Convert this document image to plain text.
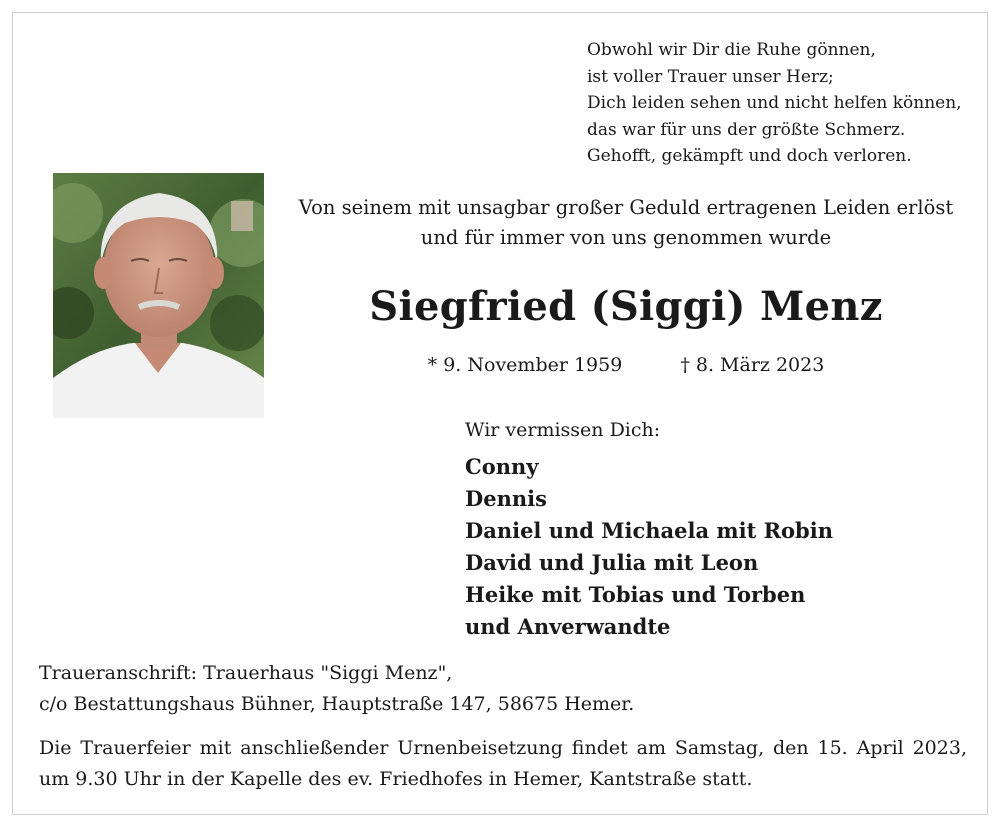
Obwohl wir Dir die Ruhe gönnen,
ist voller Trauer unser Herz;
Dich leiden sehen und nicht helfen können,
das war für uns der größte Schmerz.
Gehofft, gekämpft und doch verloren.
Von seinem mit unsagbar großer Geduld ertragenen Leiden erlöst
und für immer von uns genommen wurde
Siegfried (Siggi) Menz
* 9. November 1959	† 8. März 2023
Wir vermissen Dich:
Conny
Dennis
Daniel und Michaela mit Robin
David und Julia mit Leon
Heike mit Tobias und Torben
und Anverwandte
Traueranschrift: Trauerhaus "Siggi Menz",
c/o Bestattungshaus Bühner, Hauptstraße 147, 58675 Hemer.
Die Trauerfeier mit anschließender Urnenbeisetzung findet am Samstag, den 15. April 2023,
um 9.30 Uhr in der Kapelle des ev. Friedhofes in Hemer, Kantstraße statt.
